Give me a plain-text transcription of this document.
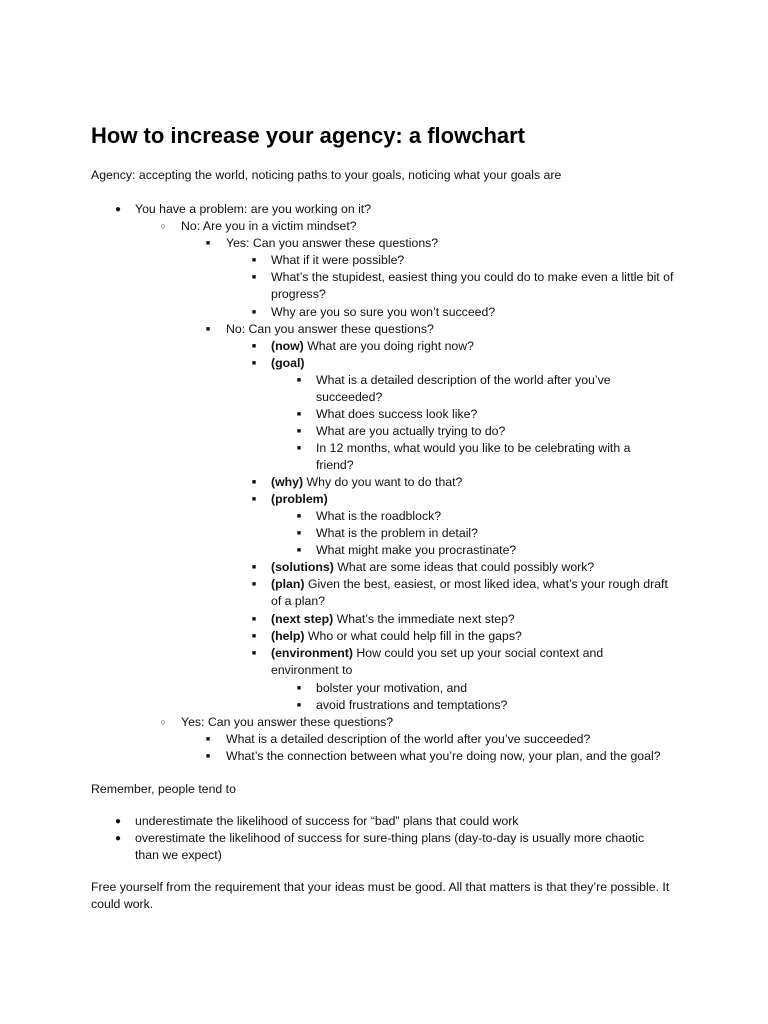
How to increase your agency: a flowchart

Agency: accepting the world, noticing paths to your goals, noticing what your goals are

● You have a problem: are you working on it?
○ No: Are you in a victim mindset?
■	Yes: Can you answer these questions?
■	What if it were possible?
■	What’s the stupidest, easiest thing you could do to make even a little bit of progress?
■	Why are you so sure you won’t succeed?
■	No: Can you answer these questions?
■	(now) What are you doing right now?
■	(goal)
■	What is a detailed description of the world after you’ve succeeded?
■	What does success look like?
■	What are you actually trying to do?
■	In 12 months, what would you like to be celebrating with a friend?
■	(why) Why do you want to do that?
■	(problem)
■	What is the roadblock?
■	What is the problem in detail?
■	What might make you procrastinate?
■	(solutions) What are some ideas that could possibly work?
■	(plan) Given the best, easiest, or most liked idea, what’s your rough draft of a plan?
■	(next step) What’s the immediate next step?
■	(help) Who or what could help fill in the gaps?
■	(environment) How could you set up your social context and environment to
■	bolster your motivation, and
■	avoid frustrations and temptations?
○ Yes: Can you answer these questions?
■	What is a detailed description of the world after you’ve succeeded?
■	What’s the connection between what you’re doing now, your plan, and the goal?

Remember, people tend to

● underestimate the likelihood of success for “bad” plans that could work
● overestimate the likelihood of success for sure-thing plans (day-to-day is usually more chaotic than we expect)

Free yourself from the requirement that your ideas must be good. All that matters is that they’re possible. It could work.
